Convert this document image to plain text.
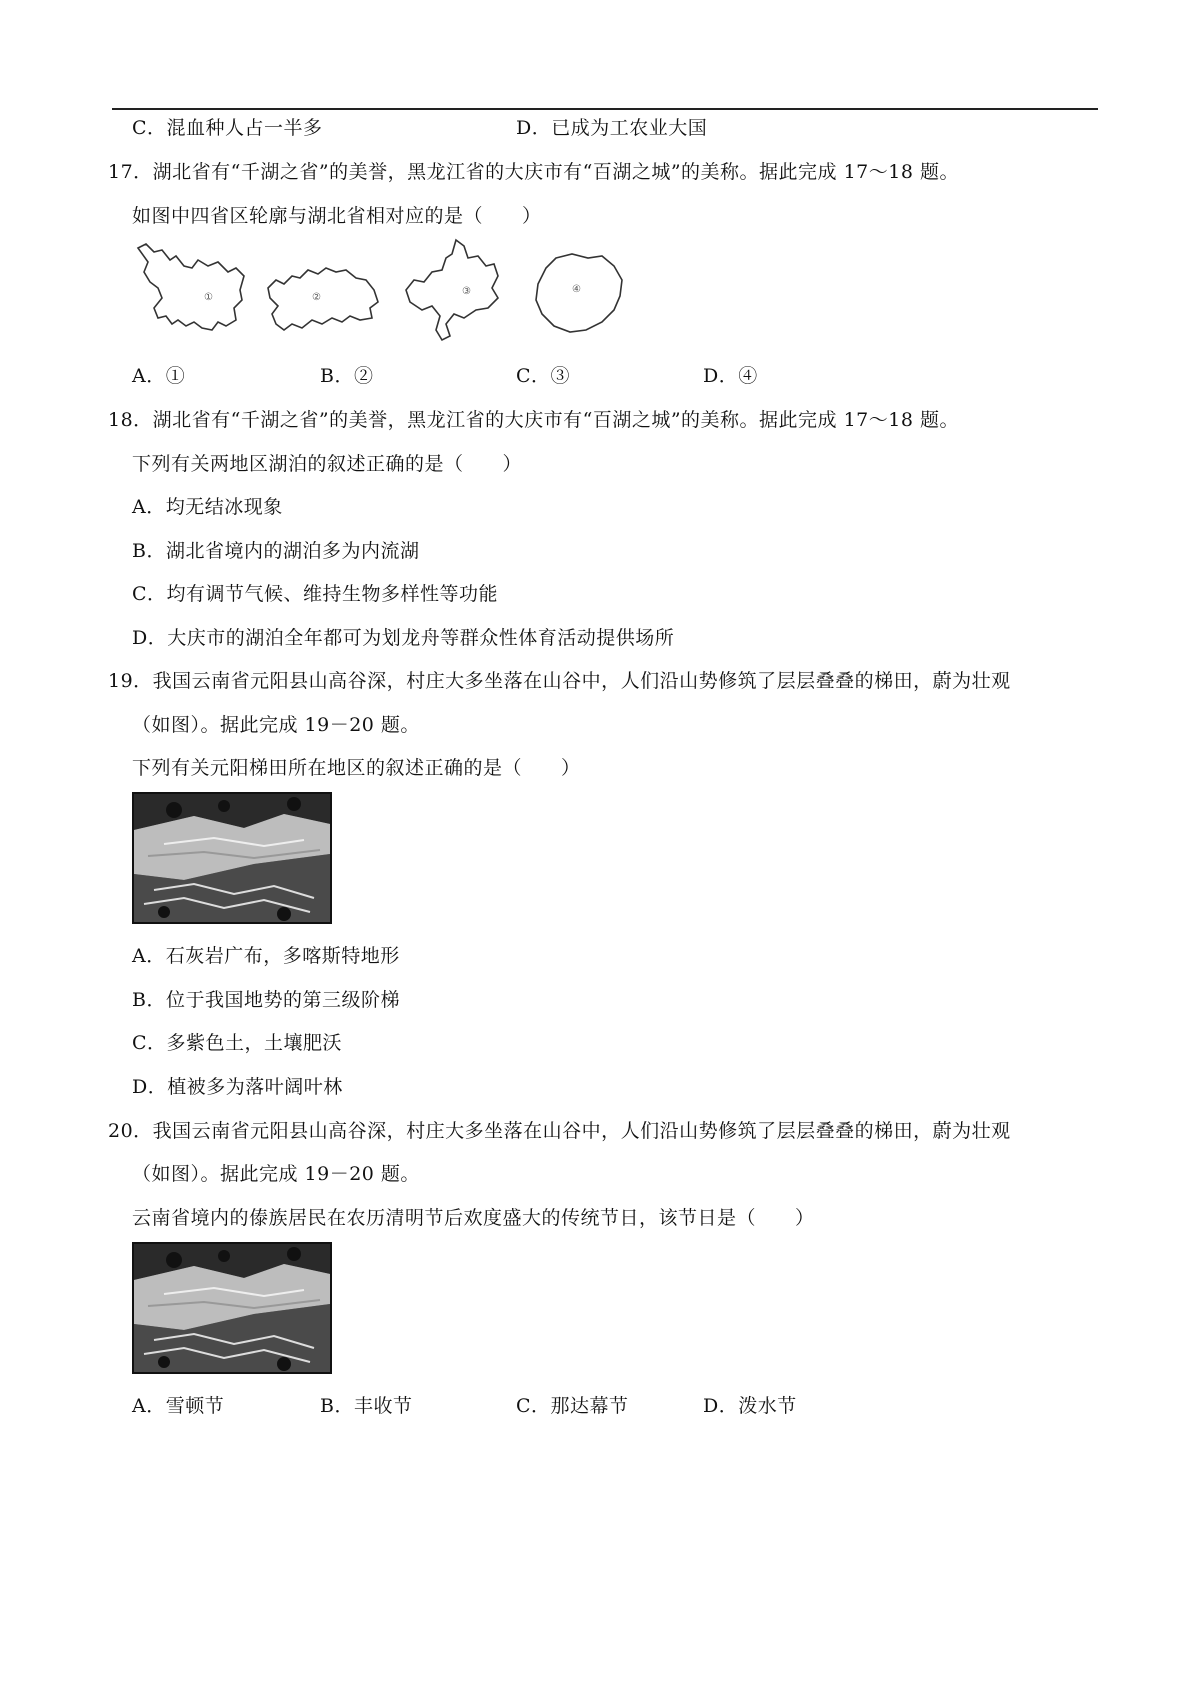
C．混血种人占一半多	D．已成为工农业大国
17．湖北省有“千湖之省”的美誉，黑龙江省的大庆市有“百湖之城”的美称。据此完成 17～18 题。
如图中四省区轮廓与湖北省相对应的是（　　）
①	②
③	④
A．①	B．②	C．③	D．④
18．湖北省有“千湖之省”的美誉，黑龙江省的大庆市有“百湖之城”的美称。据此完成 17～18 题。
下列有关两地区湖泊的叙述正确的是（　　）
A．均无结冰现象
B．湖北省境内的湖泊多为内流湖
C．均有调节气候、维持生物多样性等功能
D．大庆市的湖泊全年都可为划龙舟等群众性体育活动提供场所
19．我国云南省元阳县山高谷深，村庄大多坐落在山谷中，人们沿山势修筑了层层叠叠的梯田，蔚为壮观
（如图）。据此完成 19－20 题。
下列有关元阳梯田所在地区的叙述正确的是（　　）
A．石灰岩广布，多喀斯特地形
B．位于我国地势的第三级阶梯
C．多紫色土，土壤肥沃
D．植被多为落叶阔叶林
20．我国云南省元阳县山高谷深，村庄大多坐落在山谷中，人们沿山势修筑了层层叠叠的梯田，蔚为壮观
（如图）。据此完成 19－20 题。
云南省境内的傣族居民在农历清明节后欢度盛大的传统节日，该节日是（　　）
A．雪顿节	B．丰收节	C．那达幕节	D．泼水节
